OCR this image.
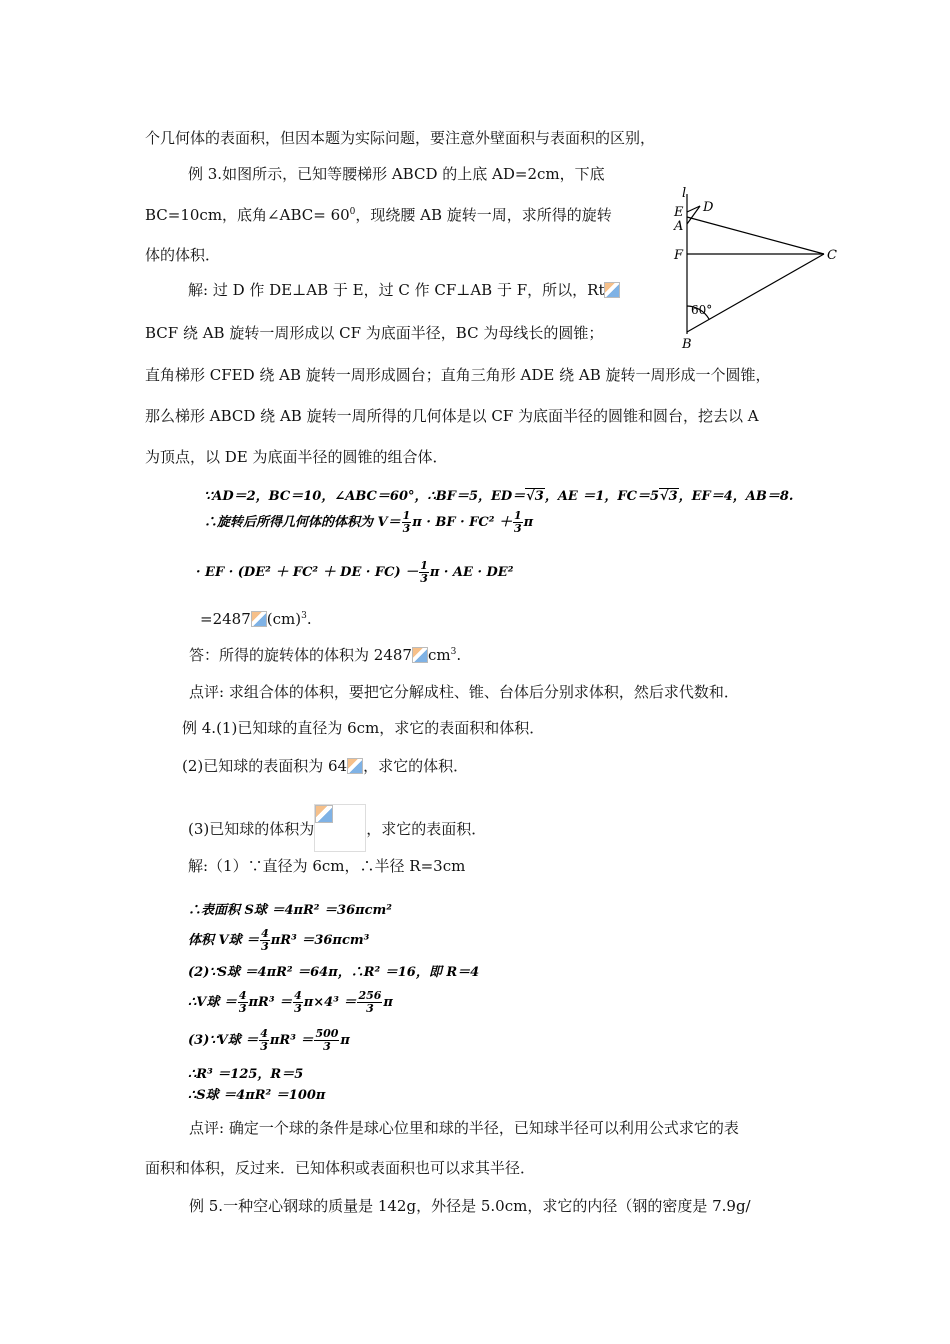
个几何体的表面积，但因本题为实际问题，要注意外壁面积与表面积的区别，
例 3.如图所示，已知等腰梯形 ABCD 的上底 AD=2cm，下底
BC=10cm，底角∠ABC= $60^0$，现绕腰 AB 旋转一周，求所得的旋转
体的体积．
解: 过 D 作 DE⊥AB 于 E，过 C 作 CF⊥AB 于 F，所以，Rt
BCF 绕 AB 旋转一周形成以 CF 为底面半径，BC 为母线长的圆锥；
直角梯形 CFED 绕 AB 旋转一周形成圆台；直角三角形 ADE 绕 AB 旋转一周形成一个圆锥，
那么梯形 ABCD 绕 AB 旋转一周所得的几何体是以 CF 为底面半径的圆锥和圆台，挖去以 A
为顶点，以 DE 为底面半径的圆锥的组合体．
l
D
E
A
F	C
B
60°
∵AD＝2，BC＝10，∠ABC＝60°，∴BF＝5，ED＝√3，AE ＝1，FC＝5√3，EF＝4，AB＝8.
∴旋转后所得几何体的体积为 $V= \frac{1}{3}$ π · BF · $FC^2 + \frac{1}{3}$ π
· EF · (DE² ＋ FC² ＋ DE · $FC) - \frac{1}{3}$ π · AE · DE²
=2487 (cm)$^3$.
答：所得的旋转体的体积为 2487 $cm^3$.
点评: 求组合体的体积，要把它分解成柱、锥、台体后分别求体积，然后求代数和．
例 4.(1)已知球的直径为 6cm，求它的表面积和体积．
(2)已知球的表面积为 64 ，求它的体积．
(3)已知球的体积为	，求它的表面积．
解:（1）∵直径为 6cm，∴半径 R=3cm
∴表面积 S球 ＝4πR² ＝36πcm²
体积 V球 ＝ $\frac{4}{3} \pi R^3 =36\pi cm^3$
(2)∵S球 ＝4πR² ＝64π，∴R² ＝16，即 R＝4
∴V球 ＝ $\frac{4}{3} \pi R^3 = \frac{4}{3} \pi\times 4^3 = \frac{256}{3}$ π
(3)∵V球 ＝ $\frac{4}{3} \pi R^3 = \frac{500}{3}$ π
∴R³ ＝125，R＝5
∴S球 ＝4πR² ＝100π
点评: 确定一个球的条件是球心位里和球的半径，已知球半径可以利用公式求它的表
面积和体积，反过来．已知体积或表面积也可以求其半径．
例 5.一种空心钢球的质量是 142g，外径是 5.0cm，求它的内径（钢的密度是 7.9g/
